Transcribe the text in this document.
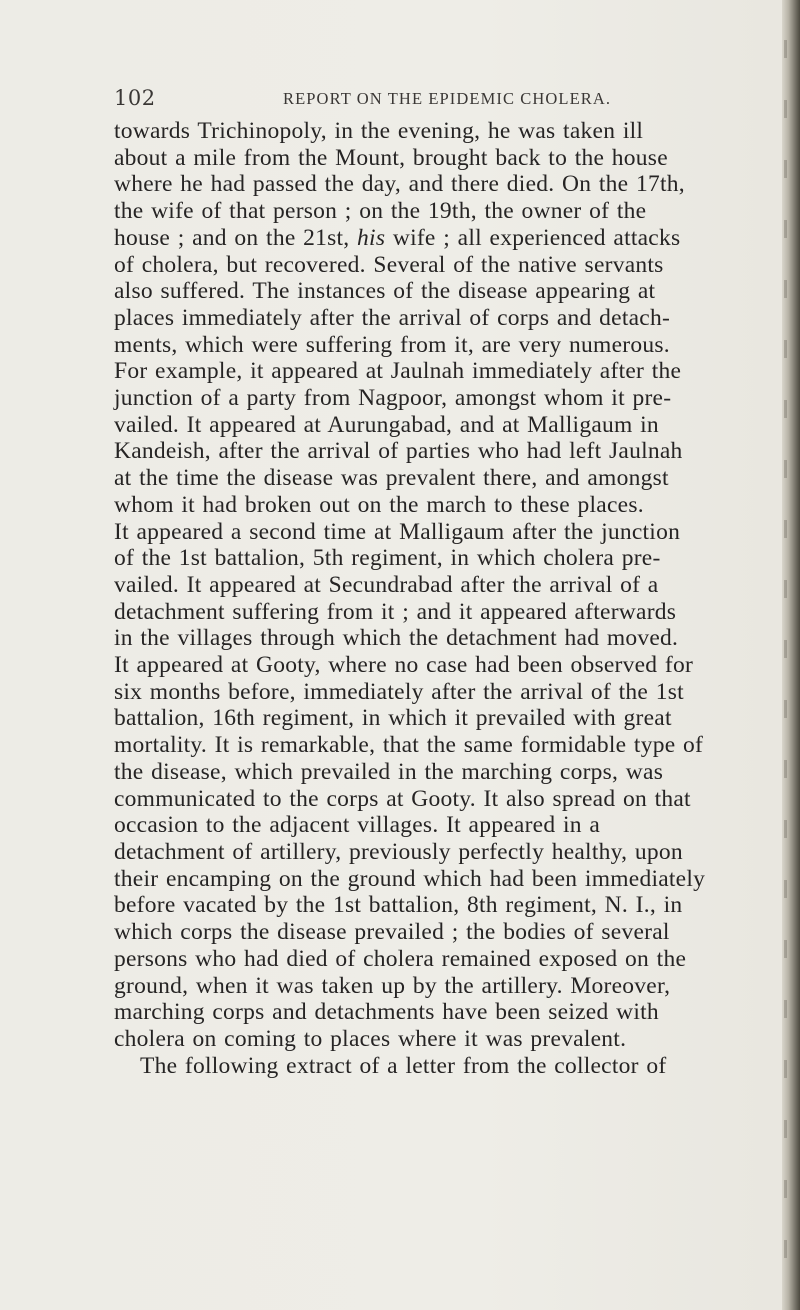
102	REPORT ON THE EPIDEMIC CHOLERA.
towards Trichinopoly, in the evening, he was taken ill
about a mile from the Mount, brought back to the house
where he had passed the day, and there died. On the 17th,
the wife of that person ; on the 19th, the owner of the
house ; and on the 21st, his wife ; all experienced attacks
of cholera, but recovered. Several of the native servants
also suffered. The instances of the disease appearing at
places immediately after the arrival of corps and detach-
ments, which were suffering from it, are very numerous.
For example, it appeared at Jaulnah immediately after the
junction of a party from Nagpoor, amongst whom it pre-
vailed. It appeared at Aurungabad, and at Malligaum in
Kandeish, after the arrival of parties who had left Jaulnah
at the time the disease was prevalent there, and amongst
whom it had broken out on the march to these places.
It appeared a second time at Malligaum after the junction
of the 1st battalion, 5th regiment, in which cholera pre-
vailed. It appeared at Secundrabad after the arrival of a
detachment suffering from it ; and it appeared afterwards
in the villages through which the detachment had moved.
It appeared at Gooty, where no case had been observed for
six months before, immediately after the arrival of the 1st
battalion, 16th regiment, in which it prevailed with great
mortality. It is remarkable, that the same formidable type of
the disease, which prevailed in the marching corps, was
communicated to the corps at Gooty. It also spread on that
occasion to the adjacent villages. It appeared in a
detachment of artillery, previously perfectly healthy, upon
their encamping on the ground which had been immediately
before vacated by the 1st battalion, 8th regiment, N. I., in
which corps the disease prevailed ; the bodies of several
persons who had died of cholera remained exposed on the
ground, when it was taken up by the artillery. Moreover,
marching corps and detachments have been seized with
cholera on coming to places where it was prevalent.
The following extract of a letter from the collector of
